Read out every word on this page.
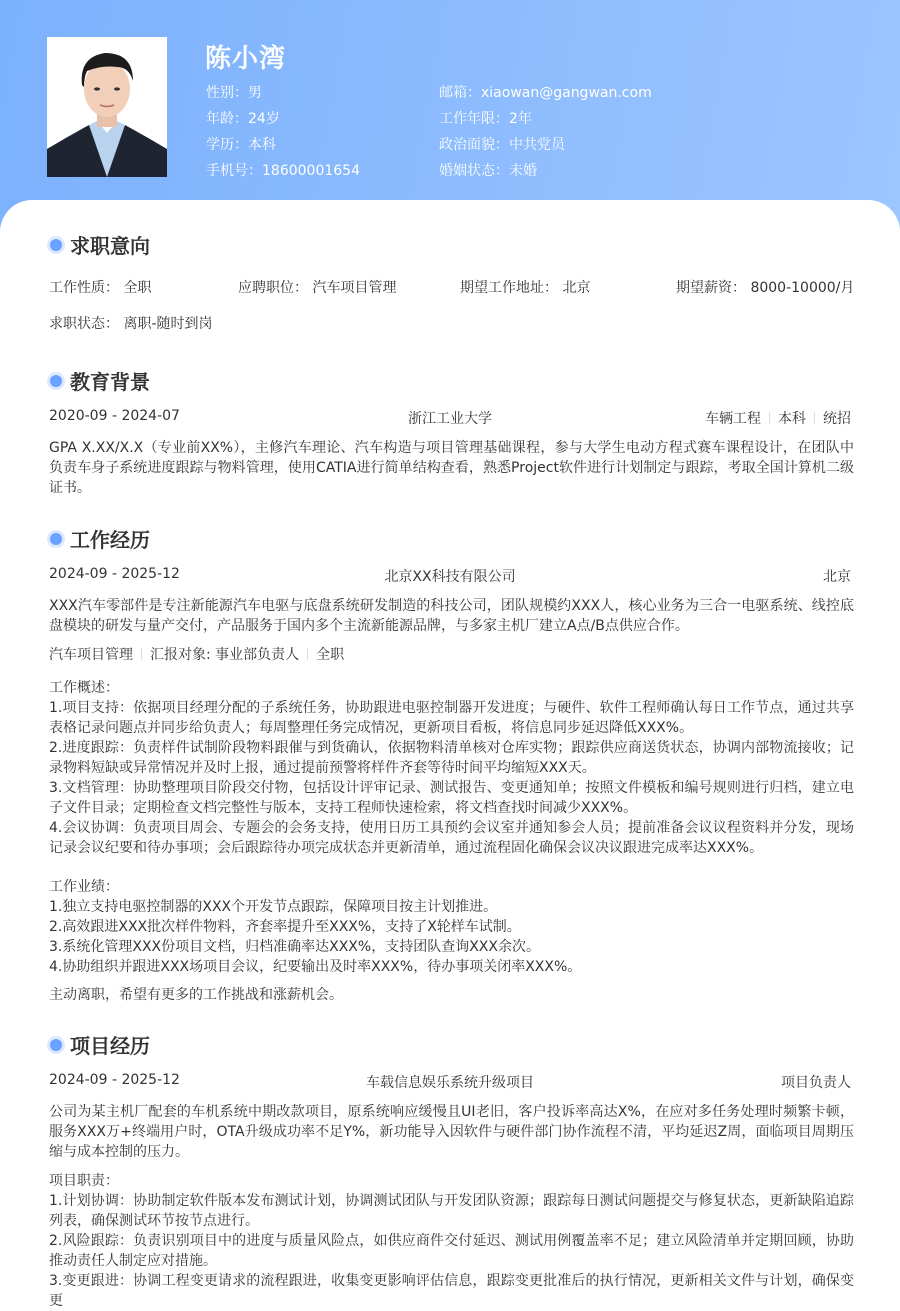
陈小湾
性别：男
年龄：24岁
学历：本科
手机号：18600001654
邮箱：xiaowan@gangwan.com
工作年限：2年
政治面貌：中共党员
婚姻状态：未婚
求职意向
工作性质： 全职	应聘职位： 汽车项目管理	期望工作地址： 北京	期望薪资： 8000-10000/月
求职状态： 离职-随时到岗
教育背景
2020-09 - 2024-07	浙江工业大学	车辆工程 本科 统招
GPA X.XX/X.X（专业前XX%），主修汽车理论、汽车构造与项目管理基础课程，参与大学生电动方程式赛车课程设计，在团队中负责车身子系统进度跟踪与物料管理，使用CATIA进行简单结构查看，熟悉Project软件进行计划制定与跟踪，考取全国计算机二级证书。
工作经历
2024-09 - 2025-12	北京XX科技有限公司	北京
XXX汽车零部件是专注新能源汽车电驱与底盘系统研发制造的科技公司，团队规模约XXX人，核心业务为三合一电驱系统、线控底盘模块的研发与量产交付，产品服务于国内多个主流新能源品牌，与多家主机厂建立A点/B点供应合作。
汽车项目管理 汇报对象: 事业部负责人 全职
工作概述：
1.项目支持：依据项目经理分配的子系统任务，协助跟进电驱控制器开发进度；与硬件、软件工程师确认每日工作节点，通过共享表格记录问题点并同步给负责人；每周整理任务完成情况，更新项目看板，将信息同步延迟降低XXX%。
2.进度跟踪：负责样件试制阶段物料跟催与到货确认，依据物料清单核对仓库实物；跟踪供应商送货状态，协调内部物流接收；记录物料短缺或异常情况并及时上报，通过提前预警将样件齐套等待时间平均缩短XXX天。
3.文档管理：协助整理项目阶段交付物，包括设计评审记录、测试报告、变更通知单；按照文件模板和编号规则进行归档，建立电子文件目录；定期检查文档完整性与版本，支持工程师快速检索，将文档查找时间减少XXX%。
4.会议协调：负责项目周会、专题会的会务支持，使用日历工具预约会议室并通知参会人员；提前准备会议议程资料并分发，现场记录会议纪要和待办事项；会后跟踪待办项完成状态并更新清单，通过流程固化确保会议决议跟进完成率达XXX%。
工作业绩：
1.独立支持电驱控制器的XXX个开发节点跟踪，保障项目按主计划推进。
2.高效跟进XXX批次样件物料，齐套率提升至XXX%，支持了X轮样车试制。
3.系统化管理XXX份项目文档，归档准确率达XXX%，支持团队查询XXX余次。
4.协助组织并跟进XXX场项目会议，纪要输出及时率XXX%，待办事项关闭率XXX%。
主动离职，希望有更多的工作挑战和涨薪机会。
项目经历
2024-09 - 2025-12	车载信息娱乐系统升级项目	项目负责人
公司为某主机厂配套的车机系统中期改款项目，原系统响应缓慢且UI老旧，客户投诉率高达X%，在应对多任务处理时频繁卡顿，服务XXX万+终端用户时，OTA升级成功率不足Y%，新功能导入因软件与硬件部门协作流程不清，平均延迟Z周，面临项目周期压缩与成本控制的压力。
项目职责：
1.计划协调：协助制定软件版本发布测试计划，协调测试团队与开发团队资源；跟踪每日测试问题提交与修复状态，更新缺陷追踪列表，确保测试环节按节点进行。
2.风险跟踪：负责识别项目中的进度与质量风险点，如供应商件交付延迟、测试用例覆盖率不足；建立风险清单并定期回顾，协助推动责任人制定应对措施。
3.变更跟进：协调工程变更请求的流程跟进，收集变更影响评估信息，跟踪变更批准后的执行情况，更新相关文件与计划，确保变更
